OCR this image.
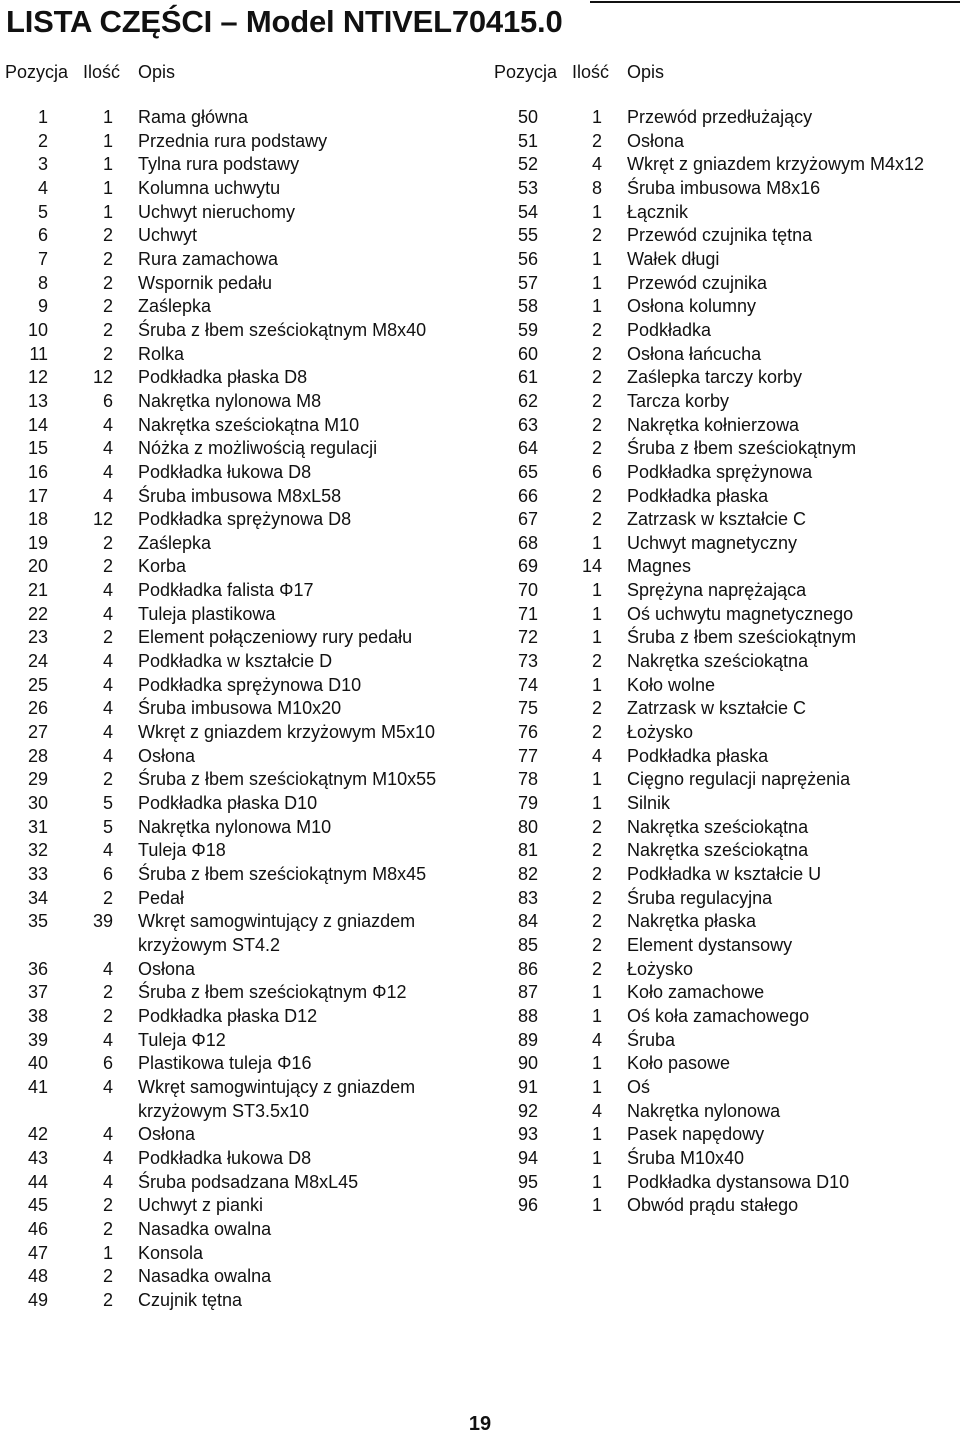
LISTA CZĘŚCI – Model NTIVEL70415.0
Pozycja Ilość Opis
1	1 Rama główna
2	1 Przednia rura podstawy
3	1 Tylna rura podstawy
4	1 Kolumna uchwytu
5	1 Uchwyt nieruchomy
6	2 Uchwyt
7	2 Rura zamachowa
8	2 Wspornik pedału
9	2 Zaślepka
10	2 Śruba z łbem sześciokątnym M8x40
11	2 Rolka
12	12 Podkładka płaska D8
13	6 Nakrętka nylonowa M8
14	4 Nakrętka sześciokątna M10
15	4 Nóżka z możliwością regulacji
16	4 Podkładka łukowa D8
17	4 Śruba imbusowa M8xL58
18	12 Podkładka sprężynowa D8
19	2 Zaślepka
20	2 Korba
21	4 Podkładka falista Φ17
22	4 Tuleja plastikowa
23	2 Element połączeniowy rury pedału
24	4 Podkładka w kształcie D
25	4 Podkładka sprężynowa D10
26	4 Śruba imbusowa M10x20
27	4 Wkręt z gniazdem krzyżowym M5x10
28	4 Osłona
29	2 Śruba z łbem sześciokątnym M10x55
30	5 Podkładka płaska D10
31	5 Nakrętka nylonowa M10
32	4 Tuleja Φ18
33	6 Śruba z łbem sześciokątnym M8x45
34	2 Pedał
35	39 Wkręt samogwintujący z gniazdem krzyżowym ST4.2
36	4 Osłona
37	2 Śruba z łbem sześciokątnym Φ12
38	2 Podkładka płaska D12
39	4 Tuleja Φ12
40	6 Plastikowa tuleja Φ16
41	4 Wkręt samogwintujący z gniazdem krzyżowym ST3.5x10
42	4 Osłona
43	4 Podkładka łukowa D8
44	4 Śruba podsadzana M8xL45
45	2 Uchwyt z pianki
46	2 Nasadka owalna
47	1 Konsola
48	2 Nasadka owalna
49	2 Czujnik tętna
Pozycja Ilość Opis
50	1 Przewód przedłużający
51	2 Osłona
52	4 Wkręt z gniazdem krzyżowym M4x12
53	8 Śruba imbusowa M8x16
54	1 Łącznik
55	2 Przewód czujnika tętna
56	1 Wałek długi
57	1 Przewód czujnika
58	1 Osłona kolumny
59	2 Podkładka
60	2 Osłona łańcucha
61	2 Zaślepka tarczy korby
62	2 Tarcza korby
63	2 Nakrętka kołnierzowa
64	2 Śruba z łbem sześciokątnym
65	6 Podkładka sprężynowa
66	2 Podkładka płaska
67	2 Zatrzask w kształcie C
68	1 Uchwyt magnetyczny
69	14 Magnes
70	1 Sprężyna naprężająca
71	1 Oś uchwytu magnetycznego
72	1 Śruba z łbem sześciokątnym
73	2 Nakrętka sześciokątna
74	1 Koło wolne
75	2 Zatrzask w kształcie C
76	2 Łożysko
77	4 Podkładka płaska
78	1 Cięgno regulacji naprężenia
79	1 Silnik
80	2 Nakrętka sześciokątna
81	2 Nakrętka sześciokątna
82	2 Podkładka w kształcie U
83	2 Śruba regulacyjna
84	2 Nakrętka płaska
85	2 Element dystansowy
86	2 Łożysko
87	1 Koło zamachowe
88	1 Oś koła zamachowego
89	4 Śruba
90	1 Koło pasowe
91	1 Oś
92	4 Nakrętka nylonowa
93	1 Pasek napędowy
94	1 Śruba M10x40
95	1 Podkładka dystansowa D10
96	1 Obwód prądu stałego
19
